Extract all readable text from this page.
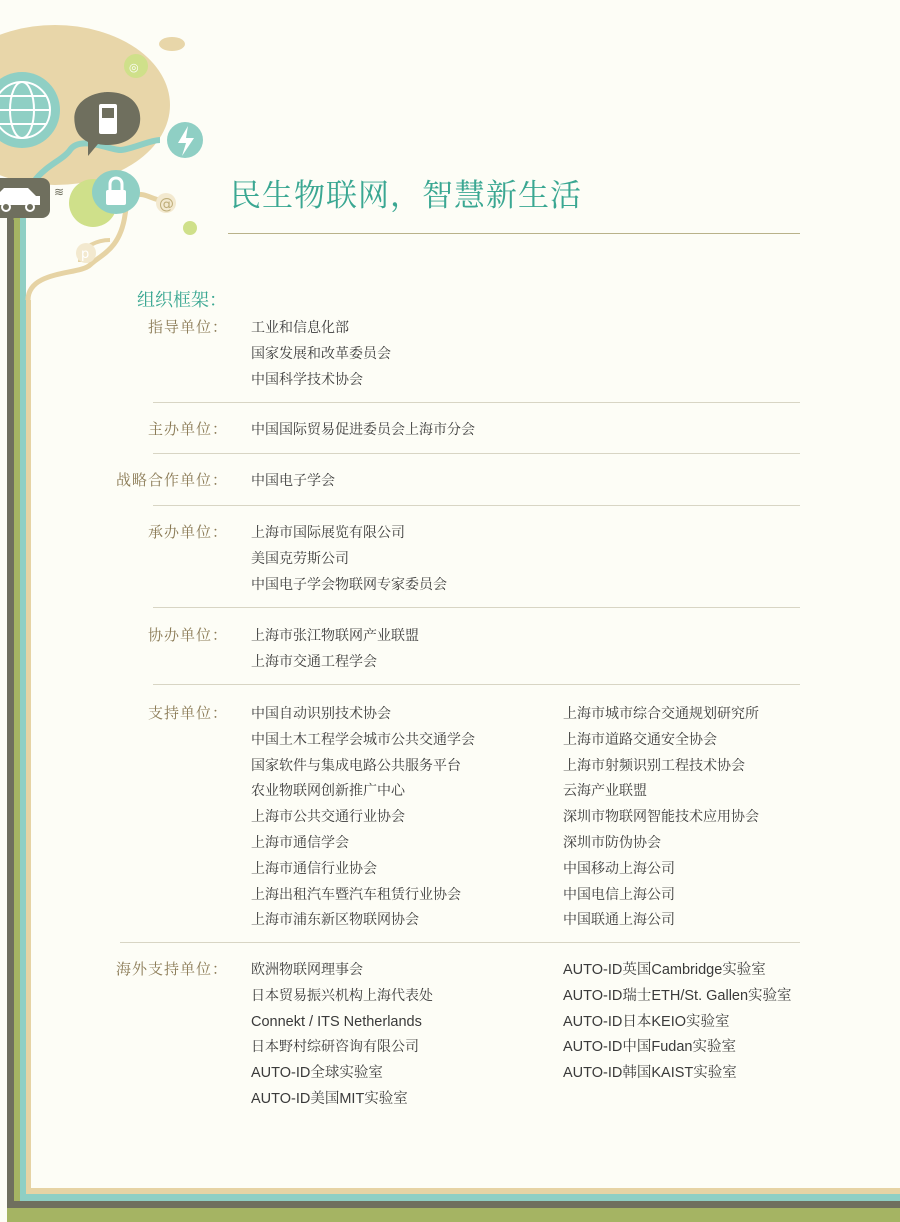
◎
@
≋
p
民生物联网，智慧新生活
组织框架：
指导单位： 工业和信息化部
国家发展和改革委员会
中国科学技术协会
主办单位： 中国国际贸易促进委员会上海市分会
战略合作单位： 中国电子学会
承办单位： 上海市国际展览有限公司
美国克劳斯公司
中国电子学会物联网专家委员会
协办单位： 上海市张江物联网产业联盟
上海市交通工程学会
支持单位： 中国自动识别技术协会
中国土木工程学会城市公共交通学会
国家软件与集成电路公共服务平台
农业物联网创新推广中心
上海市公共交通行业协会
上海市通信学会
上海市通信行业协会
上海出租汽车暨汽车租赁行业协会
上海市浦东新区物联网协会
上海市城市综合交通规划研究所
上海市道路交通安全协会
上海市射频识别工程技术协会
云海产业联盟
深圳市物联网智能技术应用协会
深圳市防伪协会
中国移动上海公司
中国电信上海公司
中国联通上海公司
海外支持单位： 欧洲物联网理事会
日本贸易振兴机构上海代表处
Connekt / ITS Netherlands
日本野村综研咨询有限公司
AUTO-ID全球实验室
AUTO-ID美国MIT实验室
AUTO-ID英国Cambridge实验室
AUTO-ID瑞士ETH/St. Gallen实验室
AUTO-ID日本KEIO实验室
AUTO-ID中国Fudan实验室
AUTO-ID韩国KAIST实验室
